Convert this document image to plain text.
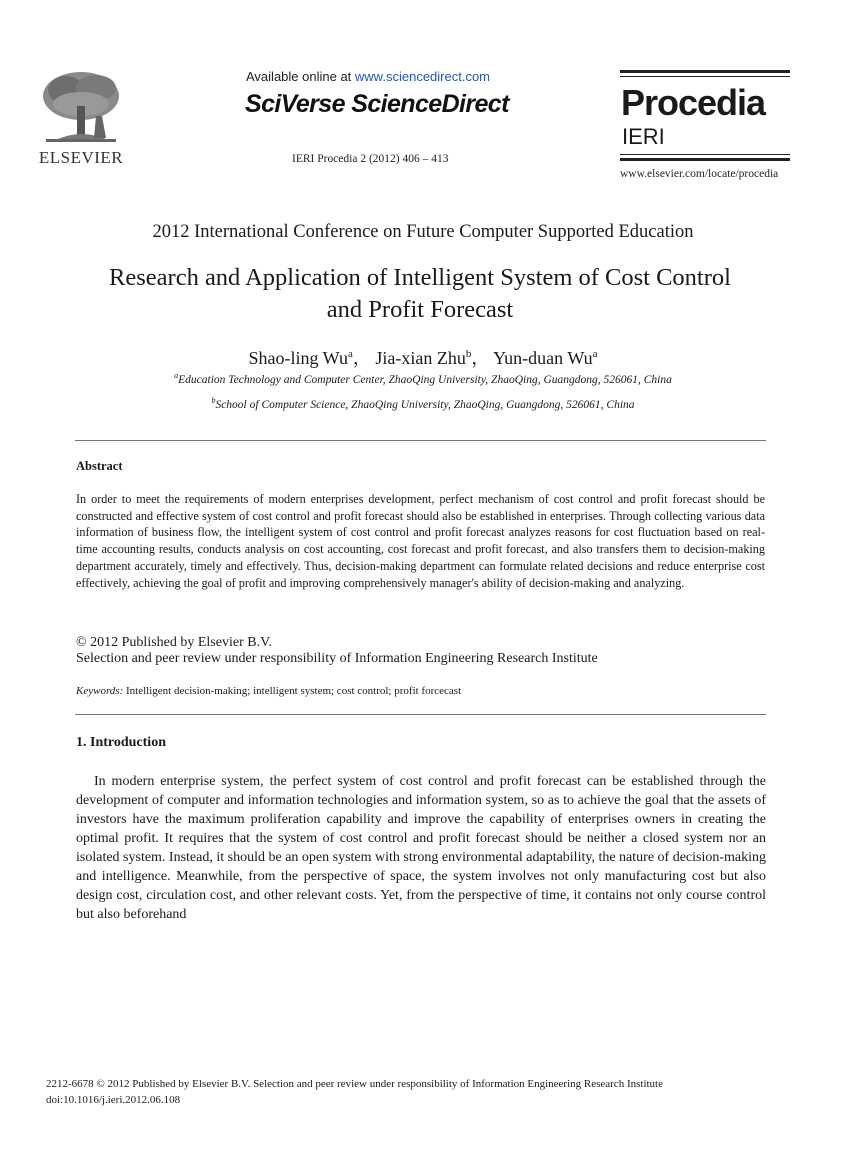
ELSEVIER
Available online at www.sciencedirect.com
SciVerse ScienceDirect
IERI Procedia 2 (2012) 406 – 413
Procedia
IERI
www.elsevier.com/locate/procedia
2012 International Conference on Future Computer Supported Education
Research and Application of Intelligent System of Cost Control
and Profit Forecast
Shao-ling Wu$^a$， Jia-xian Zhu$^b$， Yun-duan Wu$^a$
$^a$Education Technology and Computer Center, ZhaoQing University, ZhaoQing, Guangdong, 526061, China
$^b$School of Computer Science, ZhaoQing University, ZhaoQing, Guangdong, 526061, China
Abstract
In order to meet the requirements of modern enterprises development, perfect mechanism of cost control and profit forecast should be constructed and effective system of cost control and profit forecast should also be established in enterprises. Through collecting various data information of business flow, the intelligent system of cost control and profit forecast analyzes reasons for cost fluctuation based on real-time accounting results, conducts analysis on cost accounting, cost forecast and profit forecast, and also transfers them to decision-making department accurately, timely and effectively. Thus, decision-making department can formulate related decisions and reduce enterprise cost effectively, achieving the goal of profit and improving comprehensively manager's ability of decision-making and analyzing.
© 2012 Published by Elsevier B.V.
Selection and peer review under responsibility of Information Engineering Research Institute
Keywords: Intelligent decision-making; intelligent system; cost control; profit forcecast
1. Introduction
In modern enterprise system, the perfect system of cost control and profit forecast can be established through the development of computer and information technologies and information system, so as to achieve the goal that the assets of investors have the maximum proliferation capability and improve the capability of enterprises owners in creating the optimal profit. It requires that the system of cost control and profit forecast should be neither a closed system nor an isolated system. Instead, it should be an open system with strong environmental adaptability, the nature of decision-making and intelligence. Meanwhile, from the perspective of space, the system involves not only manufacturing cost but also design cost, circulation cost, and other relevant costs. Yet, from the perspective of time, it contains not only course control but also beforehand
2212-6678 © 2012 Published by Elsevier B.V. Selection and peer review under responsibility of Information Engineering Research Institute
doi:10.1016/j.ieri.2012.06.108
